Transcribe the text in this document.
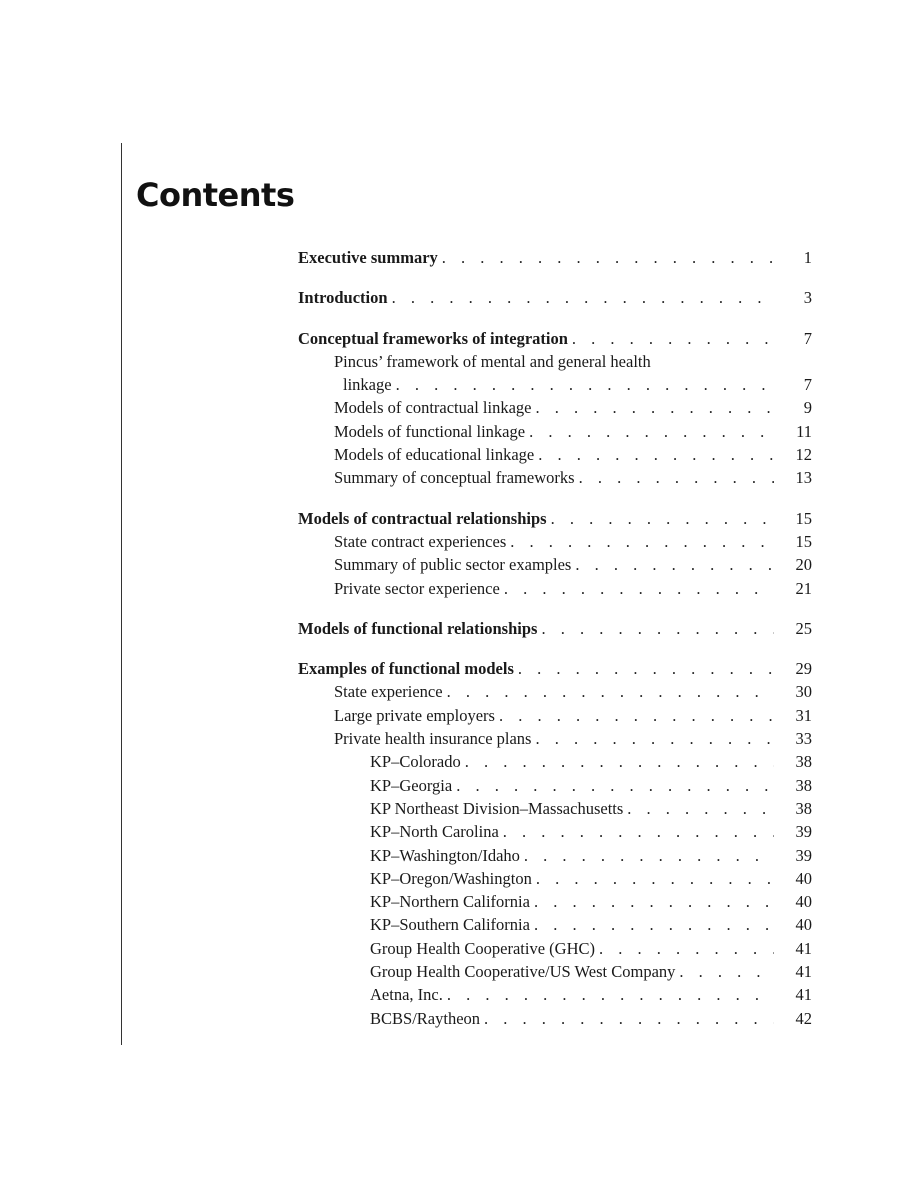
Contents
Executive summary . . .	1
Introduction . . .	3
Conceptual frameworks of integration . . .	7
Pincus’ framework of mental and general health
linkage . . .	7
Models of contractual linkage . . .	9
Models of functional linkage . . .	11
Models of educational linkage . . .	12
Summary of conceptual frameworks . . .	13
Models of contractual relationships . . .	15
State contract experiences . . .	15
Summary of public sector examples . . .	20
Private sector experience . . .	21
Models of functional relationships . . .	25
Examples of functional models . . .	29
State experience . . .	30
Large private employers . . .	31
Private health insurance plans . . .	33
KP–Colorado . . .	38
KP–Georgia . . .	38
KP Northeast Division–Massachusetts . . .	38
KP–North Carolina . . .	39
KP–Washington/Idaho . . .	39
KP–Oregon/Washington . . .	40
KP–Northern California . . .	40
KP–Southern California . . .	40
Group Health Cooperative (GHC) . . .	41
Group Health Cooperative/US West Company . . .	41
Aetna, Inc. . . .	41
BCBS/Raytheon . . .	42
